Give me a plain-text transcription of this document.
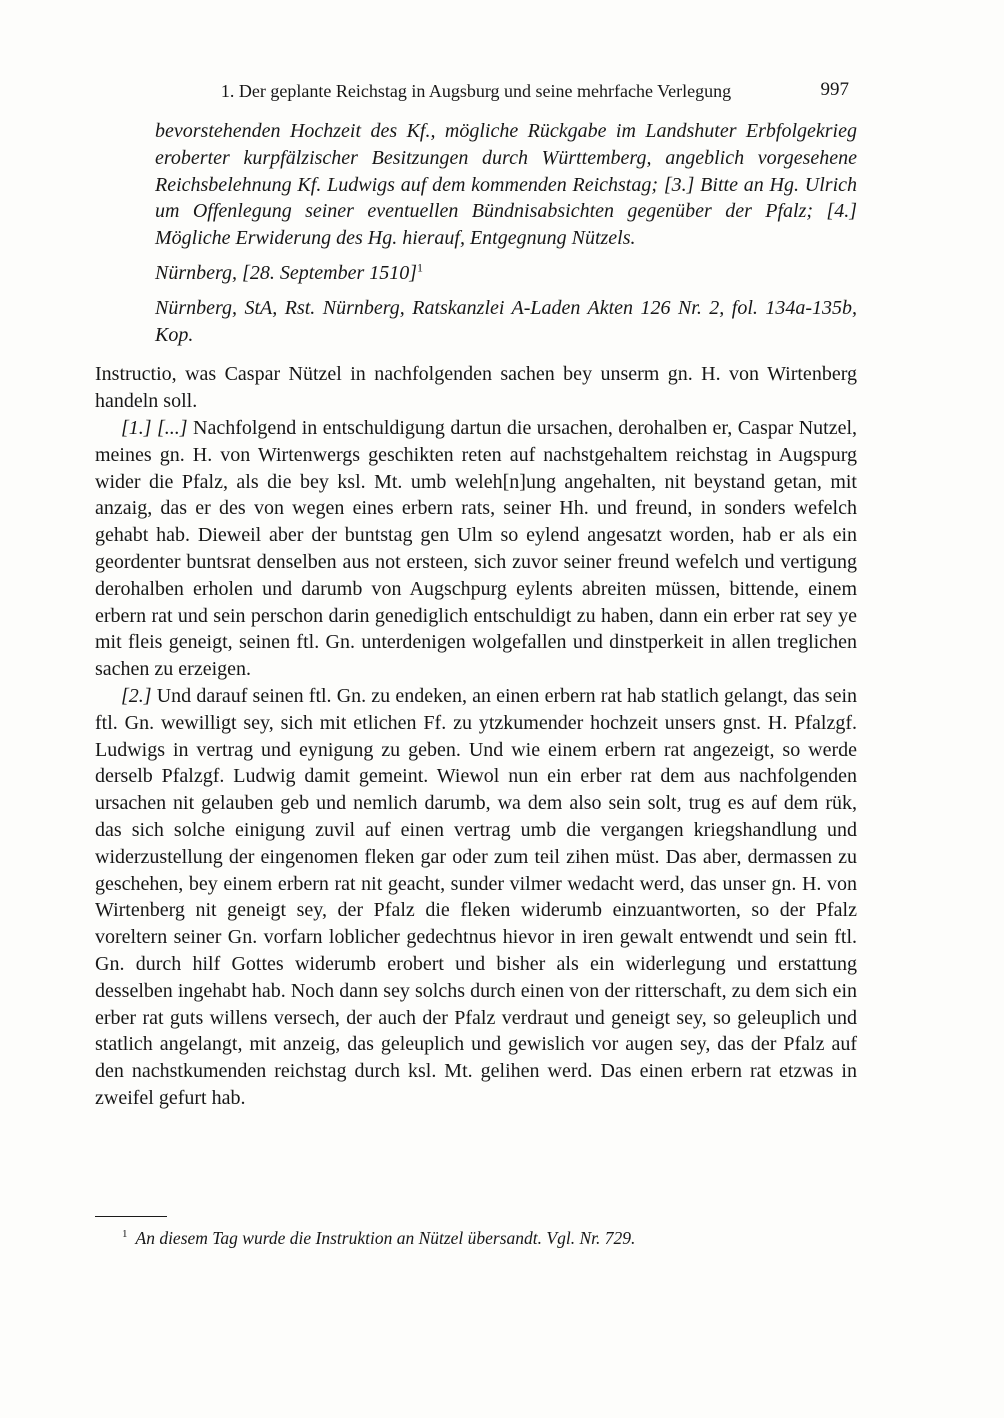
1. Der geplante Reichstag in Augsburg und seine mehrfache Verlegung	997

bevorstehenden Hochzeit des Kf., mögliche Rückgabe im Landshuter Erbfolgekrieg eroberter kurpfälzischer Besitzungen durch Württemberg, angeblich vorgesehene Reichsbelehnung Kf. Ludwigs auf dem kommenden Reichstag; [3.] Bitte an Hg. Ulrich um Offenlegung seiner eventuellen Bündnisabsichten gegenüber der Pfalz; [4.] Mögliche Erwiderung des Hg. hierauf, Entgegnung Nützels.

Nürnberg, [28. September 1510]$^1$

Nürnberg, StA, Rst. Nürnberg, Ratskanzlei A-Laden Akten 126 Nr. 2, fol. 134a-135b, Kop.

Instructio, was Caspar Nützel in nachfolgenden sachen bey unserm gn. H. von Wirtenberg handeln soll.

[1.] [...] Nachfolgend in entschuldigung dartun die ursachen, derohalben er, Caspar Nutzel, meines gn. H. von Wirtenwergs geschikten reten auf nachstgehaltem reichstag in Augspurg wider die Pfalz, als die bey ksl. Mt. umb weleh[n]ung angehalten, nit beystand getan, mit anzaig, das er des von wegen eines erbern rats, seiner Hh. und freund, in sonders wefelch gehabt hab. Dieweil aber der buntstag gen Ulm so eylend angesatzt worden, hab er als ein geordenter buntsrat denselben aus not ersteen, sich zuvor seiner freund wefelch und vertigung derohalben erholen und darumb von Augschpurg eylents abreiten müssen, bittende, einem erbern rat und sein perschon darin genediglich entschuldigt zu haben, dann ein erber rat sey ye mit fleis geneigt, seinen ftl. Gn. unterdenigen wolgefallen und dinstperkeit in allen treglichen sachen zu erzeigen.

[2.] Und darauf seinen ftl. Gn. zu endeken, an einen erbern rat hab statlich gelangt, das sein ftl. Gn. wewilligt sey, sich mit etlichen Ff. zu ytzkumender hochzeit unsers gnst. H. Pfalzgf. Ludwigs in vertrag und eynigung zu geben. Und wie einem erbern rat angezeigt, so werde derselb Pfalzgf. Ludwig damit gemeint. Wiewol nun ein erber rat dem aus nachfolgenden ursachen nit gelauben geb und nemlich darumb, wa dem also sein solt, trug es auf dem rük, das sich solche einigung zuvil auf einen vertrag umb die vergangen kriegshandlung und widerzustellung der eingenomen fleken gar oder zum teil zihen müst. Das aber, dermassen zu geschehen, bey einem erbern rat nit geacht, sunder vilmer wedacht werd, das unser gn. H. von Wirtenberg nit geneigt sey, der Pfalz die fleken widerumb einzuantworten, so der Pfalz voreltern seiner Gn. vorfarn loblicher gedechtnus hievor in iren gewalt entwendt und sein ftl. Gn. durch hilf Gottes widerumb erobert und bisher als ein widerlegung und erstattung desselben ingehabt hab. Noch dann sey solchs durch einen von der ritterschaft, zu dem sich ein erber rat guts willens versech, der auch der Pfalz verdraut und geneigt sey, so geleuplich und statlich angelangt, mit anzeig, das geleuplich und gewislich vor augen sey, das der Pfalz auf den nachstkumenden reichstag durch ksl. Mt. gelihen werd. Das einen erbern rat etzwas in zweifel gefurt hab.

$^1$ An diesem Tag wurde die Instruktion an Nützel übersandt. Vgl. Nr. 729.
